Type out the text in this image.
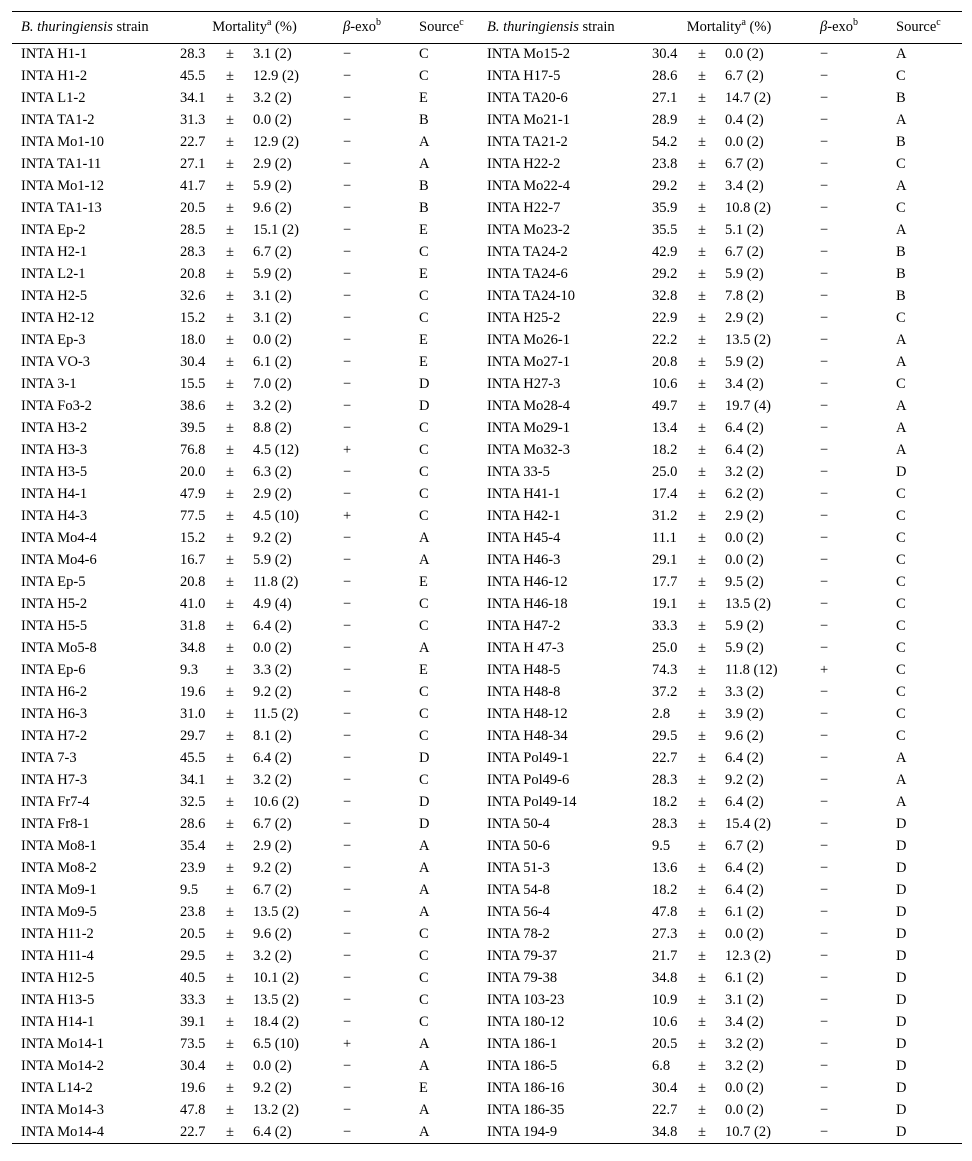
B. thuringiensis strain	Mortality$^a$ (%)	β-exo$^b$	Source$^c$	B. thuringiensis strain	Mortality$^a$ (%)	β-exo$^b$	Source$^c$
INTA H1-1	28.3 ± 3.1 (2)	−	C	INTA Mo15-2	30.4 ± 0.0 (2)	−	A
INTA H1-2	45.5 ± 12.9 (2)	−	C	INTA H17-5	28.6 ± 6.7 (2)	−	C
INTA L1-2	34.1 ± 3.2 (2)	−	E	INTA TA20-6	27.1 ± 14.7 (2)	−	B
INTA TA1-2	31.3 ± 0.0 (2)	−	B	INTA Mo21-1	28.9 ± 0.4 (2)	−	A
INTA Mo1-10	22.7 ± 12.9 (2)	−	A	INTA TA21-2	54.2 ± 0.0 (2)	−	B
INTA TA1-11	27.1 ± 2.9 (2)	−	A	INTA H22-2	23.8 ± 6.7 (2)	−	C
INTA Mo1-12	41.7 ± 5.9 (2)	−	B	INTA Mo22-4	29.2 ± 3.4 (2)	−	A
INTA TA1-13	20.5 ± 9.6 (2)	−	B	INTA H22-7	35.9 ± 10.8 (2)	−	C
INTA Ep-2	28.5 ± 15.1 (2)	−	E	INTA Mo23-2	35.5 ± 5.1 (2)	−	A
INTA H2-1	28.3 ± 6.7 (2)	−	C	INTA TA24-2	42.9 ± 6.7 (2)	−	B
INTA L2-1	20.8 ± 5.9 (2)	−	E	INTA TA24-6	29.2 ± 5.9 (2)	−	B
INTA H2-5	32.6 ± 3.1 (2)	−	C	INTA TA24-10	32.8 ± 7.8 (2)	−	B
INTA H2-12	15.2 ± 3.1 (2)	−	C	INTA H25-2	22.9 ± 2.9 (2)	−	C
INTA Ep-3	18.0 ± 0.0 (2)	−	E	INTA Mo26-1	22.2 ± 13.5 (2)	−	A
INTA VO-3	30.4 ± 6.1 (2)	−	E	INTA Mo27-1	20.8 ± 5.9 (2)	−	A
INTA 3-1	15.5 ± 7.0 (2)	−	D	INTA H27-3	10.6 ± 3.4 (2)	−	C
INTA Fo3-2	38.6 ± 3.2 (2)	−	D	INTA Mo28-4	49.7 ± 19.7 (4)	−	A
INTA H3-2	39.5 ± 8.8 (2)	−	C	INTA Mo29-1	13.4 ± 6.4 (2)	−	A
INTA H3-3	76.8 ± 4.5 (12)	+	C	INTA Mo32-3	18.2 ± 6.4 (2)	−	A
INTA H3-5	20.0 ± 6.3 (2)	−	C	INTA 33-5	25.0 ± 3.2 (2)	−	D
INTA H4-1	47.9 ± 2.9 (2)	−	C	INTA H41-1	17.4 ± 6.2 (2)	−	C
INTA H4-3	77.5 ± 4.5 (10)	+	C	INTA H42-1	31.2 ± 2.9 (2)	−	C
INTA Mo4-4	15.2 ± 9.2 (2)	−	A	INTA H45-4	11.1 ± 0.0 (2)	−	C
INTA Mo4-6	16.7 ± 5.9 (2)	−	A	INTA H46-3	29.1 ± 0.0 (2)	−	C
INTA Ep-5	20.8 ± 11.8 (2)	−	E	INTA H46-12	17.7 ± 9.5 (2)	−	C
INTA H5-2	41.0 ± 4.9 (4)	−	C	INTA H46-18	19.1 ± 13.5 (2)	−	C
INTA H5-5	31.8 ± 6.4 (2)	−	C	INTA H47-2	33.3 ± 5.9 (2)	−	C
INTA Mo5-8	34.8 ± 0.0 (2)	−	A	INTA H 47-3	25.0 ± 5.9 (2)	−	C
INTA Ep-6	9.3 ± 3.3 (2)	−	E	INTA H48-5	74.3 ± 11.8 (12)	+	C
INTA H6-2	19.6 ± 9.2 (2)	−	C	INTA H48-8	37.2 ± 3.3 (2)	−	C
INTA H6-3	31.0 ± 11.5 (2)	−	C	INTA H48-12	2.8 ± 3.9 (2)	−	C
INTA H7-2	29.7 ± 8.1 (2)	−	C	INTA H48-34	29.5 ± 9.6 (2)	−	C
INTA 7-3	45.5 ± 6.4 (2)	−	D	INTA Pol49-1	22.7 ± 6.4 (2)	−	A
INTA H7-3	34.1 ± 3.2 (2)	−	C	INTA Pol49-6	28.3 ± 9.2 (2)	−	A
INTA Fr7-4	32.5 ± 10.6 (2)	−	D	INTA Pol49-14	18.2 ± 6.4 (2)	−	A
INTA Fr8-1	28.6 ± 6.7 (2)	−	D	INTA 50-4	28.3 ± 15.4 (2)	−	D
INTA Mo8-1	35.4 ± 2.9 (2)	−	A	INTA 50-6	9.5 ± 6.7 (2)	−	D
INTA Mo8-2	23.9 ± 9.2 (2)	−	A	INTA 51-3	13.6 ± 6.4 (2)	−	D
INTA Mo9-1	9.5 ± 6.7 (2)	−	A	INTA 54-8	18.2 ± 6.4 (2)	−	D
INTA Mo9-5	23.8 ± 13.5 (2)	−	A	INTA 56-4	47.8 ± 6.1 (2)	−	D
INTA H11-2	20.5 ± 9.6 (2)	−	C	INTA 78-2	27.3 ± 0.0 (2)	−	D
INTA H11-4	29.5 ± 3.2 (2)	−	C	INTA 79-37	21.7 ± 12.3 (2)	−	D
INTA H12-5	40.5 ± 10.1 (2)	−	C	INTA 79-38	34.8 ± 6.1 (2)	−	D
INTA H13-5	33.3 ± 13.5 (2)	−	C	INTA 103-23	10.9 ± 3.1 (2)	−	D
INTA H14-1	39.1 ± 18.4 (2)	−	C	INTA 180-12	10.6 ± 3.4 (2)	−	D
INTA Mo14-1	73.5 ± 6.5 (10)	+	A	INTA 186-1	20.5 ± 3.2 (2)	−	D
INTA Mo14-2	30.4 ± 0.0 (2)	−	A	INTA 186-5	6.8 ± 3.2 (2)	−	D
INTA L14-2	19.6 ± 9.2 (2)	−	E	INTA 186-16	30.4 ± 0.0 (2)	−	D
INTA Mo14-3	47.8 ± 13.2 (2)	−	A	INTA 186-35	22.7 ± 0.0 (2)	−	D
INTA Mo14-4	22.7 ± 6.4 (2)	−	A	INTA 194-9	34.8 ± 10.7 (2)	−	D
